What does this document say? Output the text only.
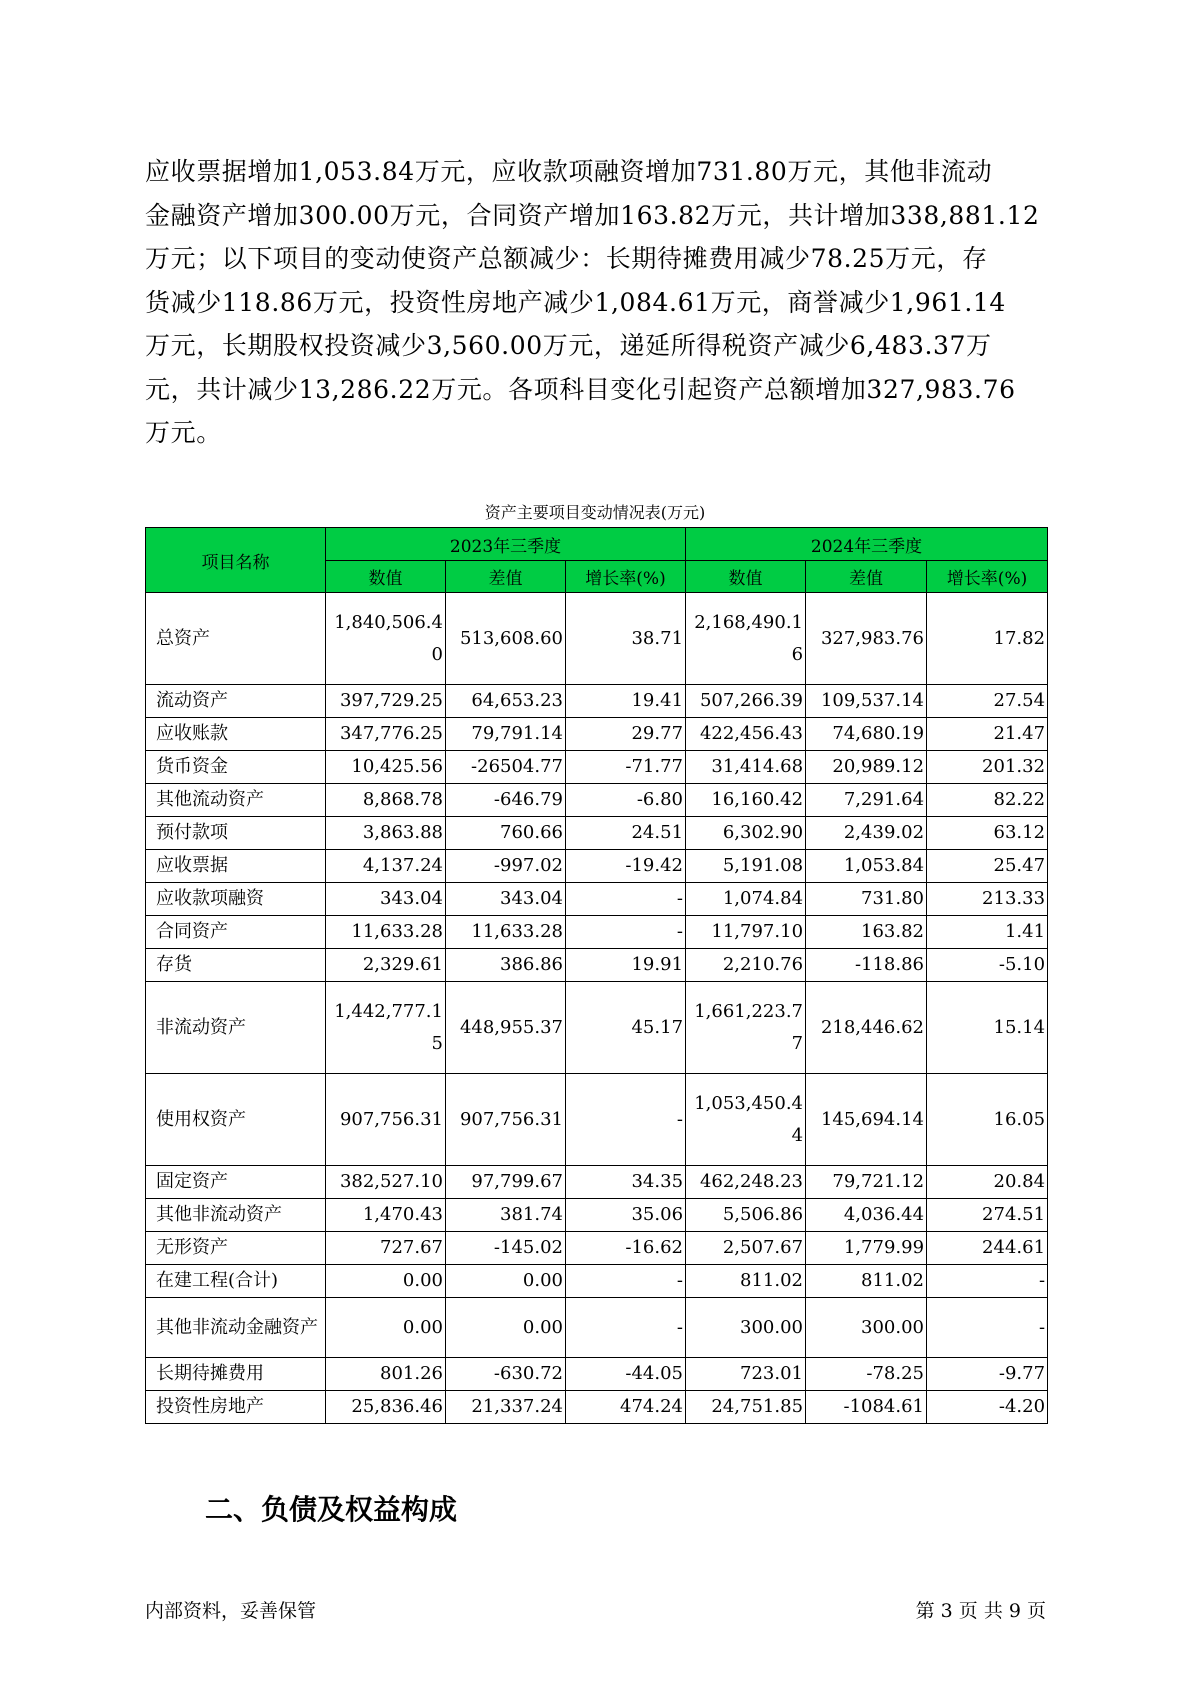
应收票据增加1,053.84万元，应收款项融资增加731.80万元，其他非流动
金融资产增加300.00万元，合同资产增加163.82万元，共计增加338,881.12
万元；以下项目的变动使资产总额减少：长期待摊费用减少78.25万元，存
货减少118.86万元，投资性房地产减少1,084.61万元，商誉减少1,961.14
万元，长期股权投资减少3,560.00万元，递延所得税资产减少6,483.37万
元，共计减少13,286.22万元。各项科目变化引起资产总额增加327,983.76
万元。
资产主要项目变动情况表(万元)
项目名称	2023年三季度			2024年三季度		
	数值	差值	增长率(%)	数值	差值	增长率(%)
总资产	1,840,506.40	513,608.60	38.71	2,168,490.16	327,983.76	17.82
流动资产	397,729.25	64,653.23	19.41	507,266.39	109,537.14	27.54
应收账款	347,776.25	79,791.14	29.77	422,456.43	74,680.19	21.47
货币资金	10,425.56	-26504.77	-71.77	31,414.68	20,989.12	201.32
其他流动资产	8,868.78	-646.79	-6.80	16,160.42	7,291.64	82.22
预付款项	3,863.88	760.66	24.51	6,302.90	2,439.02	63.12
应收票据	4,137.24	-997.02	-19.42	5,191.08	1,053.84	25.47
应收款项融资	343.04	343.04	-	1,074.84	731.80	213.33
合同资产	11,633.28	11,633.28	-	11,797.10	163.82	1.41
存货	2,329.61	386.86	19.91	2,210.76	-118.86	-5.10
非流动资产	1,442,777.15	448,955.37	45.17	1,661,223.77	218,446.62	15.14
使用权资产	907,756.31	907,756.31	-	1,053,450.44	145,694.14	16.05
固定资产	382,527.10	97,799.67	34.35	462,248.23	79,721.12	20.84
其他非流动资产	1,470.43	381.74	35.06	5,506.86	4,036.44	274.51
无形资产	727.67	-145.02	-16.62	2,507.67	1,779.99	244.61
在建工程(合计)	0.00	0.00	-	811.02	811.02	-
其他非流动金融资产	0.00	0.00	-	300.00	300.00	-
长期待摊费用	801.26	-630.72	-44.05	723.01	-78.25	-9.77
投资性房地产	25,836.46	21,337.24	474.24	24,751.85	-1084.61	-4.20
二、负债及权益构成
内部资料，妥善保管	第 3 页 共 9 页
